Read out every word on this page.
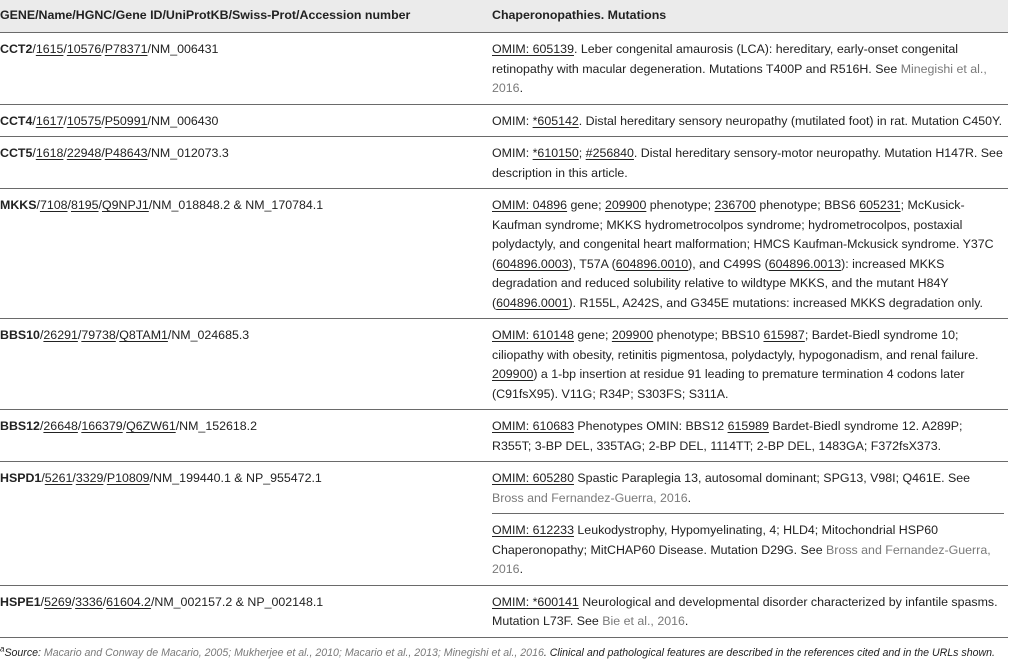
GENE/Name/HGNC/Gene ID/UniProtKB/Swiss-Prot/Accession number	Chaperonopathies. Mutations
CCT2/1615/10576/P78371/NM_006431	OMIM: 605139. Leber congenital amaurosis (LCA): hereditary, early-onset congenital retinopathy with macular degeneration. Mutations T400P and R516H. See Minegishi et al., 2016.
CCT4/1617/10575/P50991/NM_006430	OMIM: *605142. Distal hereditary sensory neuropathy (mutilated foot) in rat. Mutation C450Y.
CCT5/1618/22948/P48643/NM_012073.3	OMIM: *610150; #256840. Distal hereditary sensory-motor neuropathy. Mutation H147R. See description in this article.
MKKS/7108/8195/Q9NPJ1/NM_018848.2 & NM_170784.1	OMIM: 04896 gene; 209900 phenotype; 236700 phenotype; BBS6 605231; McKusick-Kaufman syndrome; MKKS hydrometrocolpos syndrome; hydrometrocolpos, postaxial polydactyly, and congenital heart malformation; HMCS Kaufman-Mckusick syndrome. Y37C (604896.0003), T57A (604896.0010), and C499S (604896.0013): increased MKKS degradation and reduced solubility relative to wildtype MKKS, and the mutant H84Y (604896.0001). R155L, A242S, and G345E mutations: increased MKKS degradation only.
BBS10/26291/79738/Q8TAM1/NM_024685.3	OMIM: 610148 gene; 209900 phenotype; BBS10 615987; Bardet-Biedl syndrome 10; ciliopathy with obesity, retinitis pigmentosa, polydactyly, hypogonadism, and renal failure. 209900) a 1-bp insertion at residue 91 leading to premature termination 4 codons later (C91fsX95). V11G; R34P; S303FS; S311A.
BBS12/26648/166379/Q6ZW61/NM_152618.2	OMIM: 610683 Phenotypes OMIN: BBS12 615989 Bardet-Biedl syndrome 12. A289P; R355T; 3-BP DEL, 335TAG; 2-BP DEL, 1114TT; 2-BP DEL, 1483GA; F372fsX373.
HSPD1/5261/3329/P10809/NM_199440.1 & NP_955472.1	OMIM: 605280 Spastic Paraplegia 13, autosomal dominant; SPG13, V98I; Q461E. See Bross and Fernandez-Guerra, 2016.
OMIM: 612233 Leukodystrophy, Hypomyelinating, 4; HLD4; Mitochondrial HSP60 Chaperonopathy; MitCHAP60 Disease. Mutation D29G. See Bross and Fernandez-Guerra, 2016.
HSPE1/5269/3336/61604.2/NM_002157.2 & NP_002148.1	OMIM: *600141 Neurological and developmental disorder characterized by infantile spasms. Mutation L73F. See Bie et al., 2016.
$^a$Source: Macario and Conway de Macario, 2005; Mukherjee et al., 2010; Macario et al., 2013; Minegishi et al., 2016. Clinical and pathological features are described in the references cited and in the URLs shown.
